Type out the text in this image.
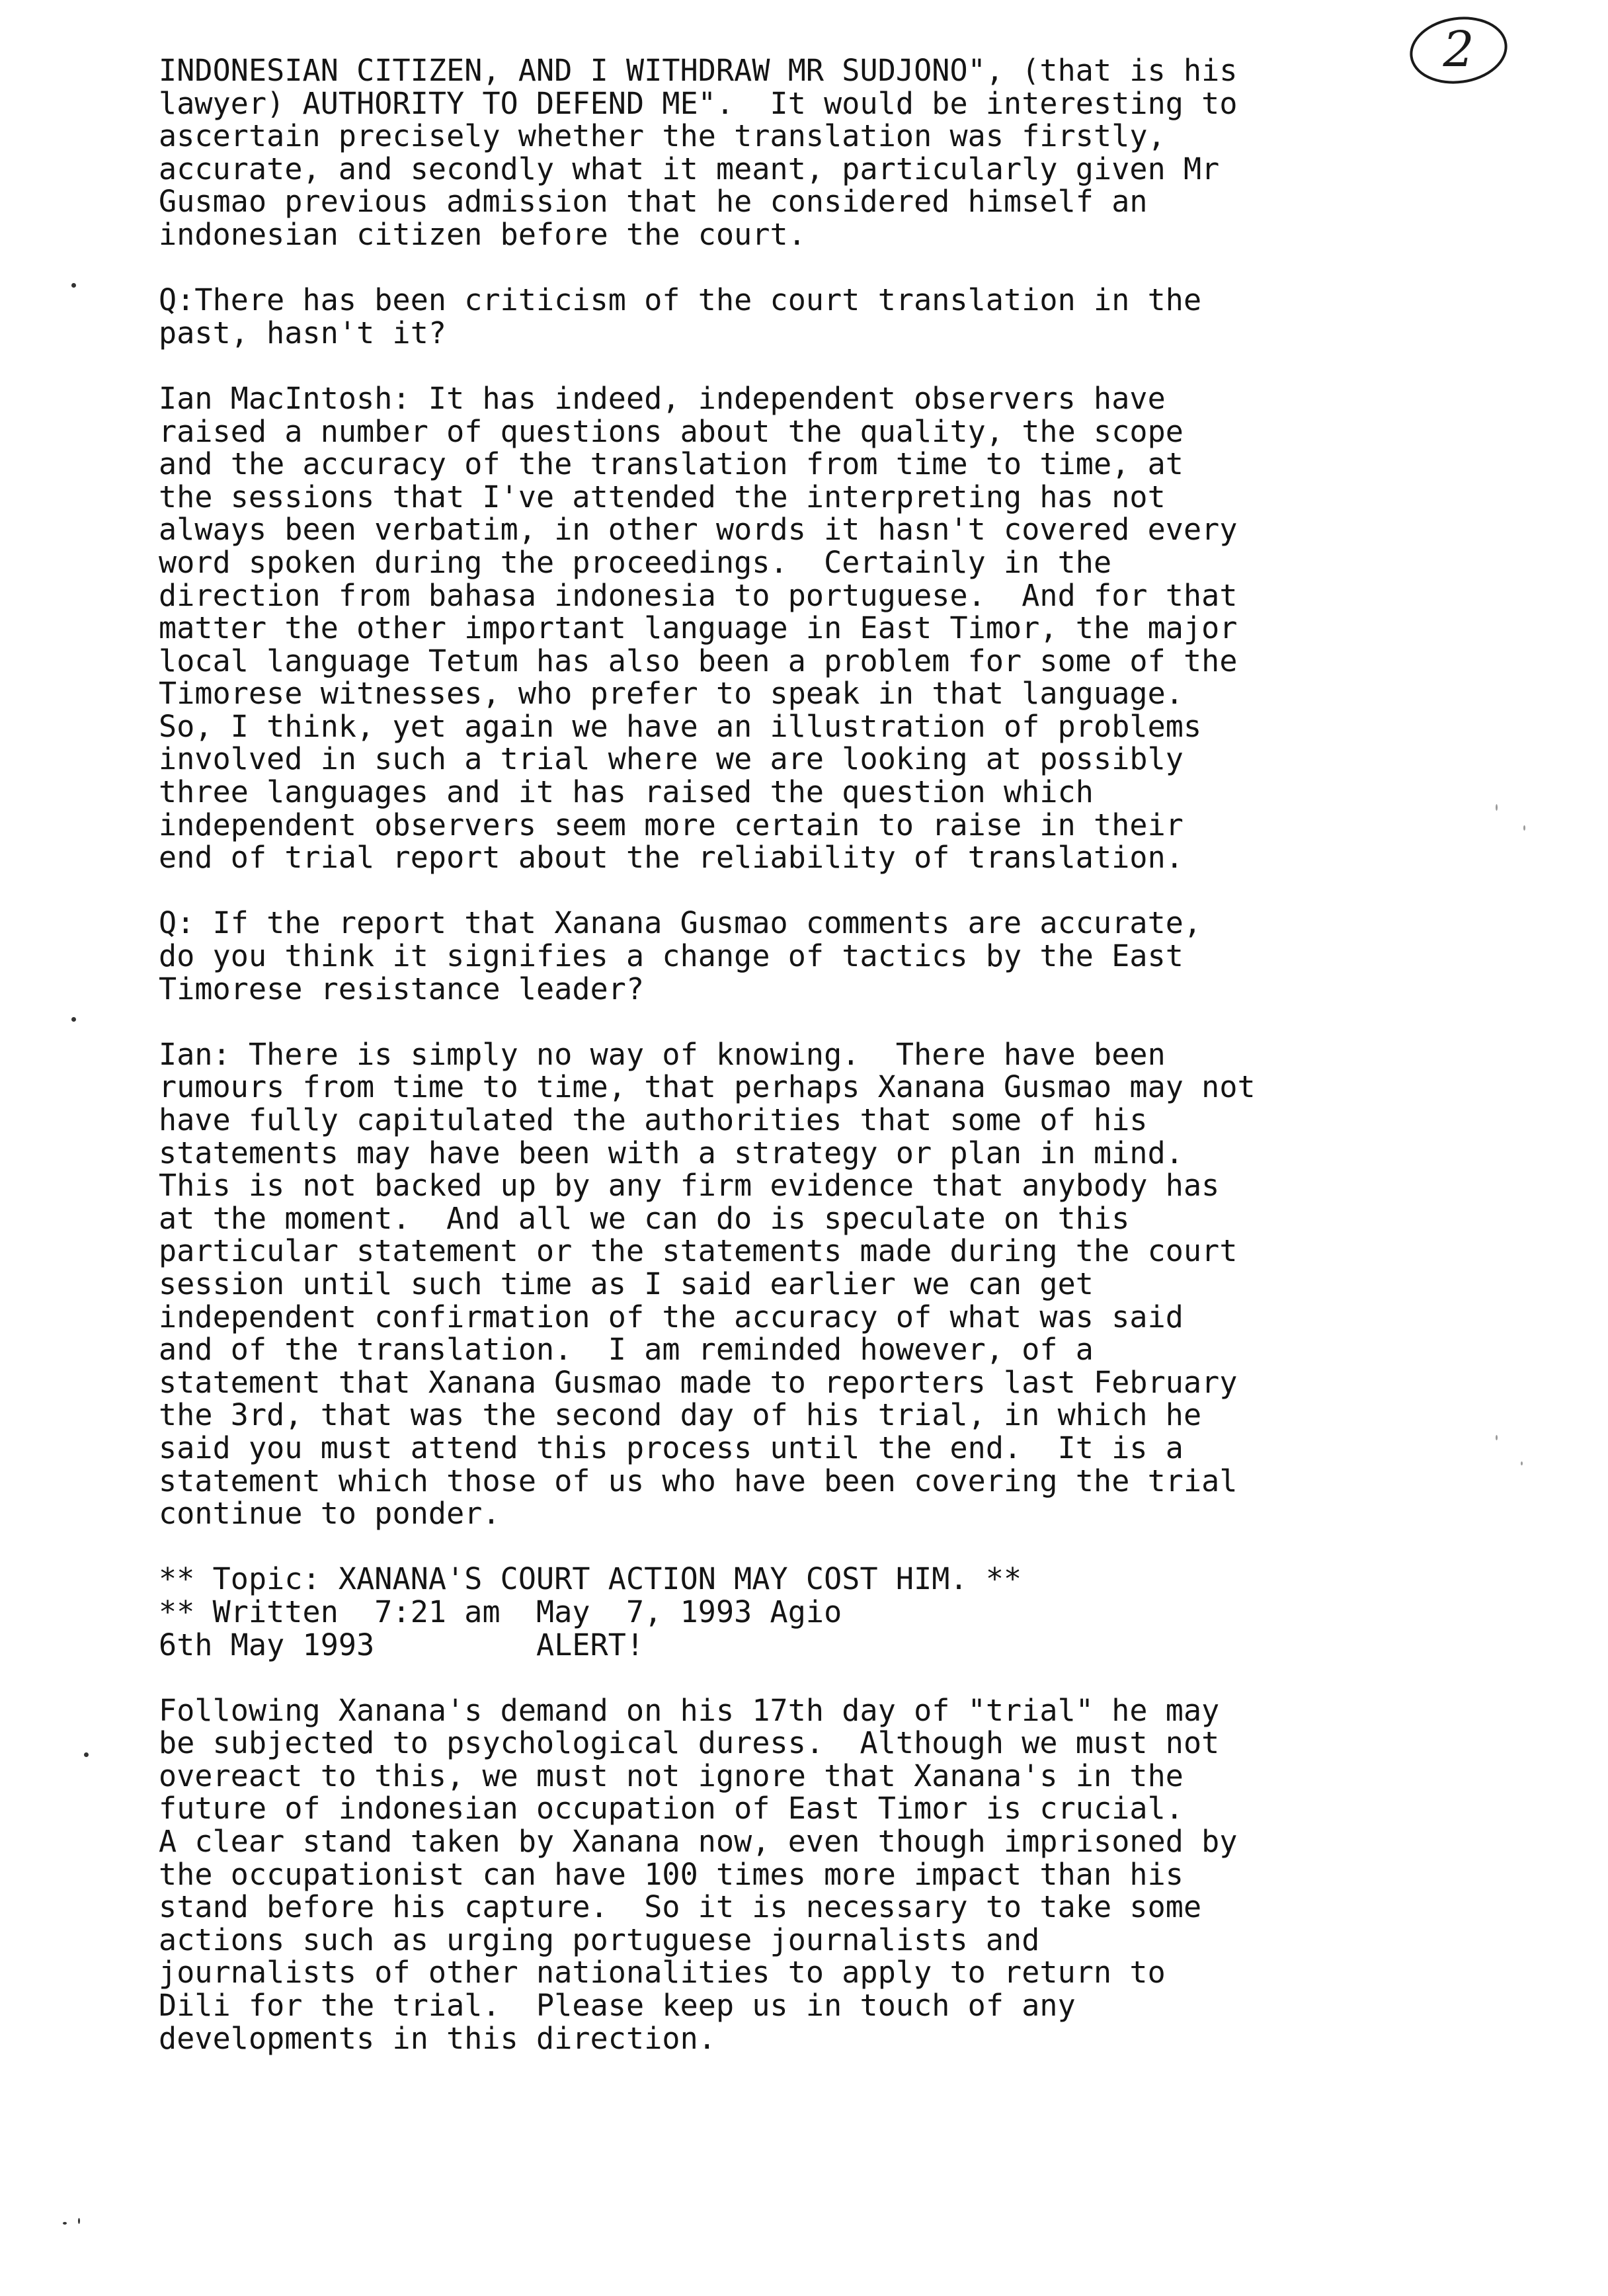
2
INDONESIAN CITIZEN, AND I WITHDRAW MR SUDJONO", (that is his
lawyer) AUTHORITY TO DEFEND ME".  It would be interesting to
ascertain precisely whether the translation was firstly,
accurate, and secondly what it meant, particularly given Mr
Gusmao previous admission that he considered himself an
indonesian citizen before the court.
Q:There has been criticism of the court translation in the
past, hasn't it?
Ian MacIntosh: It has indeed, independent observers have
raised a number of questions about the quality, the scope
and the accuracy of the translation from time to time, at
the sessions that I've attended the interpreting has not
always been verbatim, in other words it hasn't covered every
word spoken during the proceedings.  Certainly in the
direction from bahasa indonesia to portuguese.  And for that
matter the other important language in East Timor, the major
local language Tetum has also been a problem for some of the
Timorese witnesses, who prefer to speak in that language.
So, I think, yet again we have an illustration of problems
involved in such a trial where we are looking at possibly
three languages and it has raised the question which
independent observers seem more certain to raise in their
end of trial report about the reliability of translation.
Q: If the report that Xanana Gusmao comments are accurate,
do you think it signifies a change of tactics by the East
Timorese resistance leader?
Ian: There is simply no way of knowing.  There have been
rumours from time to time, that perhaps Xanana Gusmao may not
have fully capitulated the authorities that some of his
statements may have been with a strategy or plan in mind.
This is not backed up by any firm evidence that anybody has
at the moment.  And all we can do is speculate on this
particular statement or the statements made during the court
session until such time as I said earlier we can get
independent confirmation of the accuracy of what was said
and of the translation.  I am reminded however, of a
statement that Xanana Gusmao made to reporters last February
the 3rd, that was the second day of his trial, in which he
said you must attend this process until the end.  It is a
statement which those of us who have been covering the trial
continue to ponder.
** Topic: XANANA'S COURT ACTION MAY COST HIM. **
** Written  7:21 am  May  7, 1993 Agio
6th May 1993         ALERT!
Following Xanana's demand on his 17th day of "trial" he may
be subjected to psychological duress.  Although we must not
overeact to this, we must not ignore that Xanana's in the
future of indonesian occupation of East Timor is crucial.
A clear stand taken by Xanana now, even though imprisoned by
the occupationist can have 100 times more impact than his
stand before his capture.  So it is necessary to take some
actions such as urging portuguese journalists and
journalists of other nationalities to apply to return to
Dili for the trial.  Please keep us in touch of any
developments in this direction.
